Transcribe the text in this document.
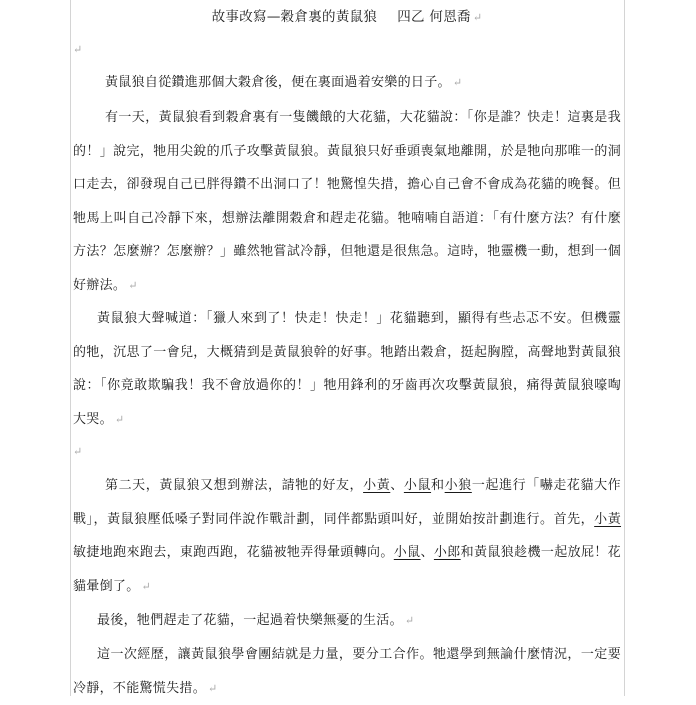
故事改寫—穀倉裏的黃鼠狼 四乙 何恩喬 ↵
↵
↵

黃鼠狼自從鑽進那個大穀倉後，便在裏面過着安樂的日子。 ↵

有一天，黃鼠狼看到穀倉裏有一隻饑餓的大花貓，大花貓說：「你是誰？快走！這裏是我的！」說完，牠用尖銳的爪子攻擊黃鼠狼。黃鼠狼只好垂頭喪氣地離開，於是牠向那唯一的洞口走去，卻發現自己已胖得鑽不出洞口了！牠驚惶失措，擔心自己會不會成為花貓的晚餐。但牠馬上叫自己冷靜下來，想辦法離開穀倉和趕走花貓。牠喃喃自語道：「有什麼方法？有什麼方法？怎麼辦？怎麼辦？」雖然牠嘗試冷靜，但牠還是很焦急。這時，牠靈機一動，想到一個好辦法。 ↵

黃鼠狼大聲喊道：「獵人來到了！快走！快走！」花貓聽到，顯得有些忐忑不安。但機靈的牠，沉思了一會兒，大概猜到是黃鼠狼幹的好事。牠踏出穀倉，挺起胸膛，高聲地對黃鼠狼說：「你竟敢欺騙我！我不會放過你的！」牠用鋒利的牙齒再次攻擊黃鼠狼，痛得黃鼠狼嚎啕大哭。 ↵

第二天，黃鼠狼又想到辦法，請牠的好友，小黃、小鼠和小狼一起進行「嚇走花貓大作戰」，黃鼠狼壓低嗓子對同伴說作戰計劃，同伴都點頭叫好，並開始按計劃進行。首先，小黃敏捷地跑來跑去，東跑西跑，花貓被牠弄得暈頭轉向。小鼠、小郎和黃鼠狼趁機一起放屁！花貓暈倒了。 ↵

最後，牠們趕走了花貓，一起過着快樂無憂的生活。 ↵

這一次經歷，讓黃鼠狼學會團結就是力量，要分工合作。牠還學到無論什麼情況，一定要冷靜，不能驚慌失措。 ↵
